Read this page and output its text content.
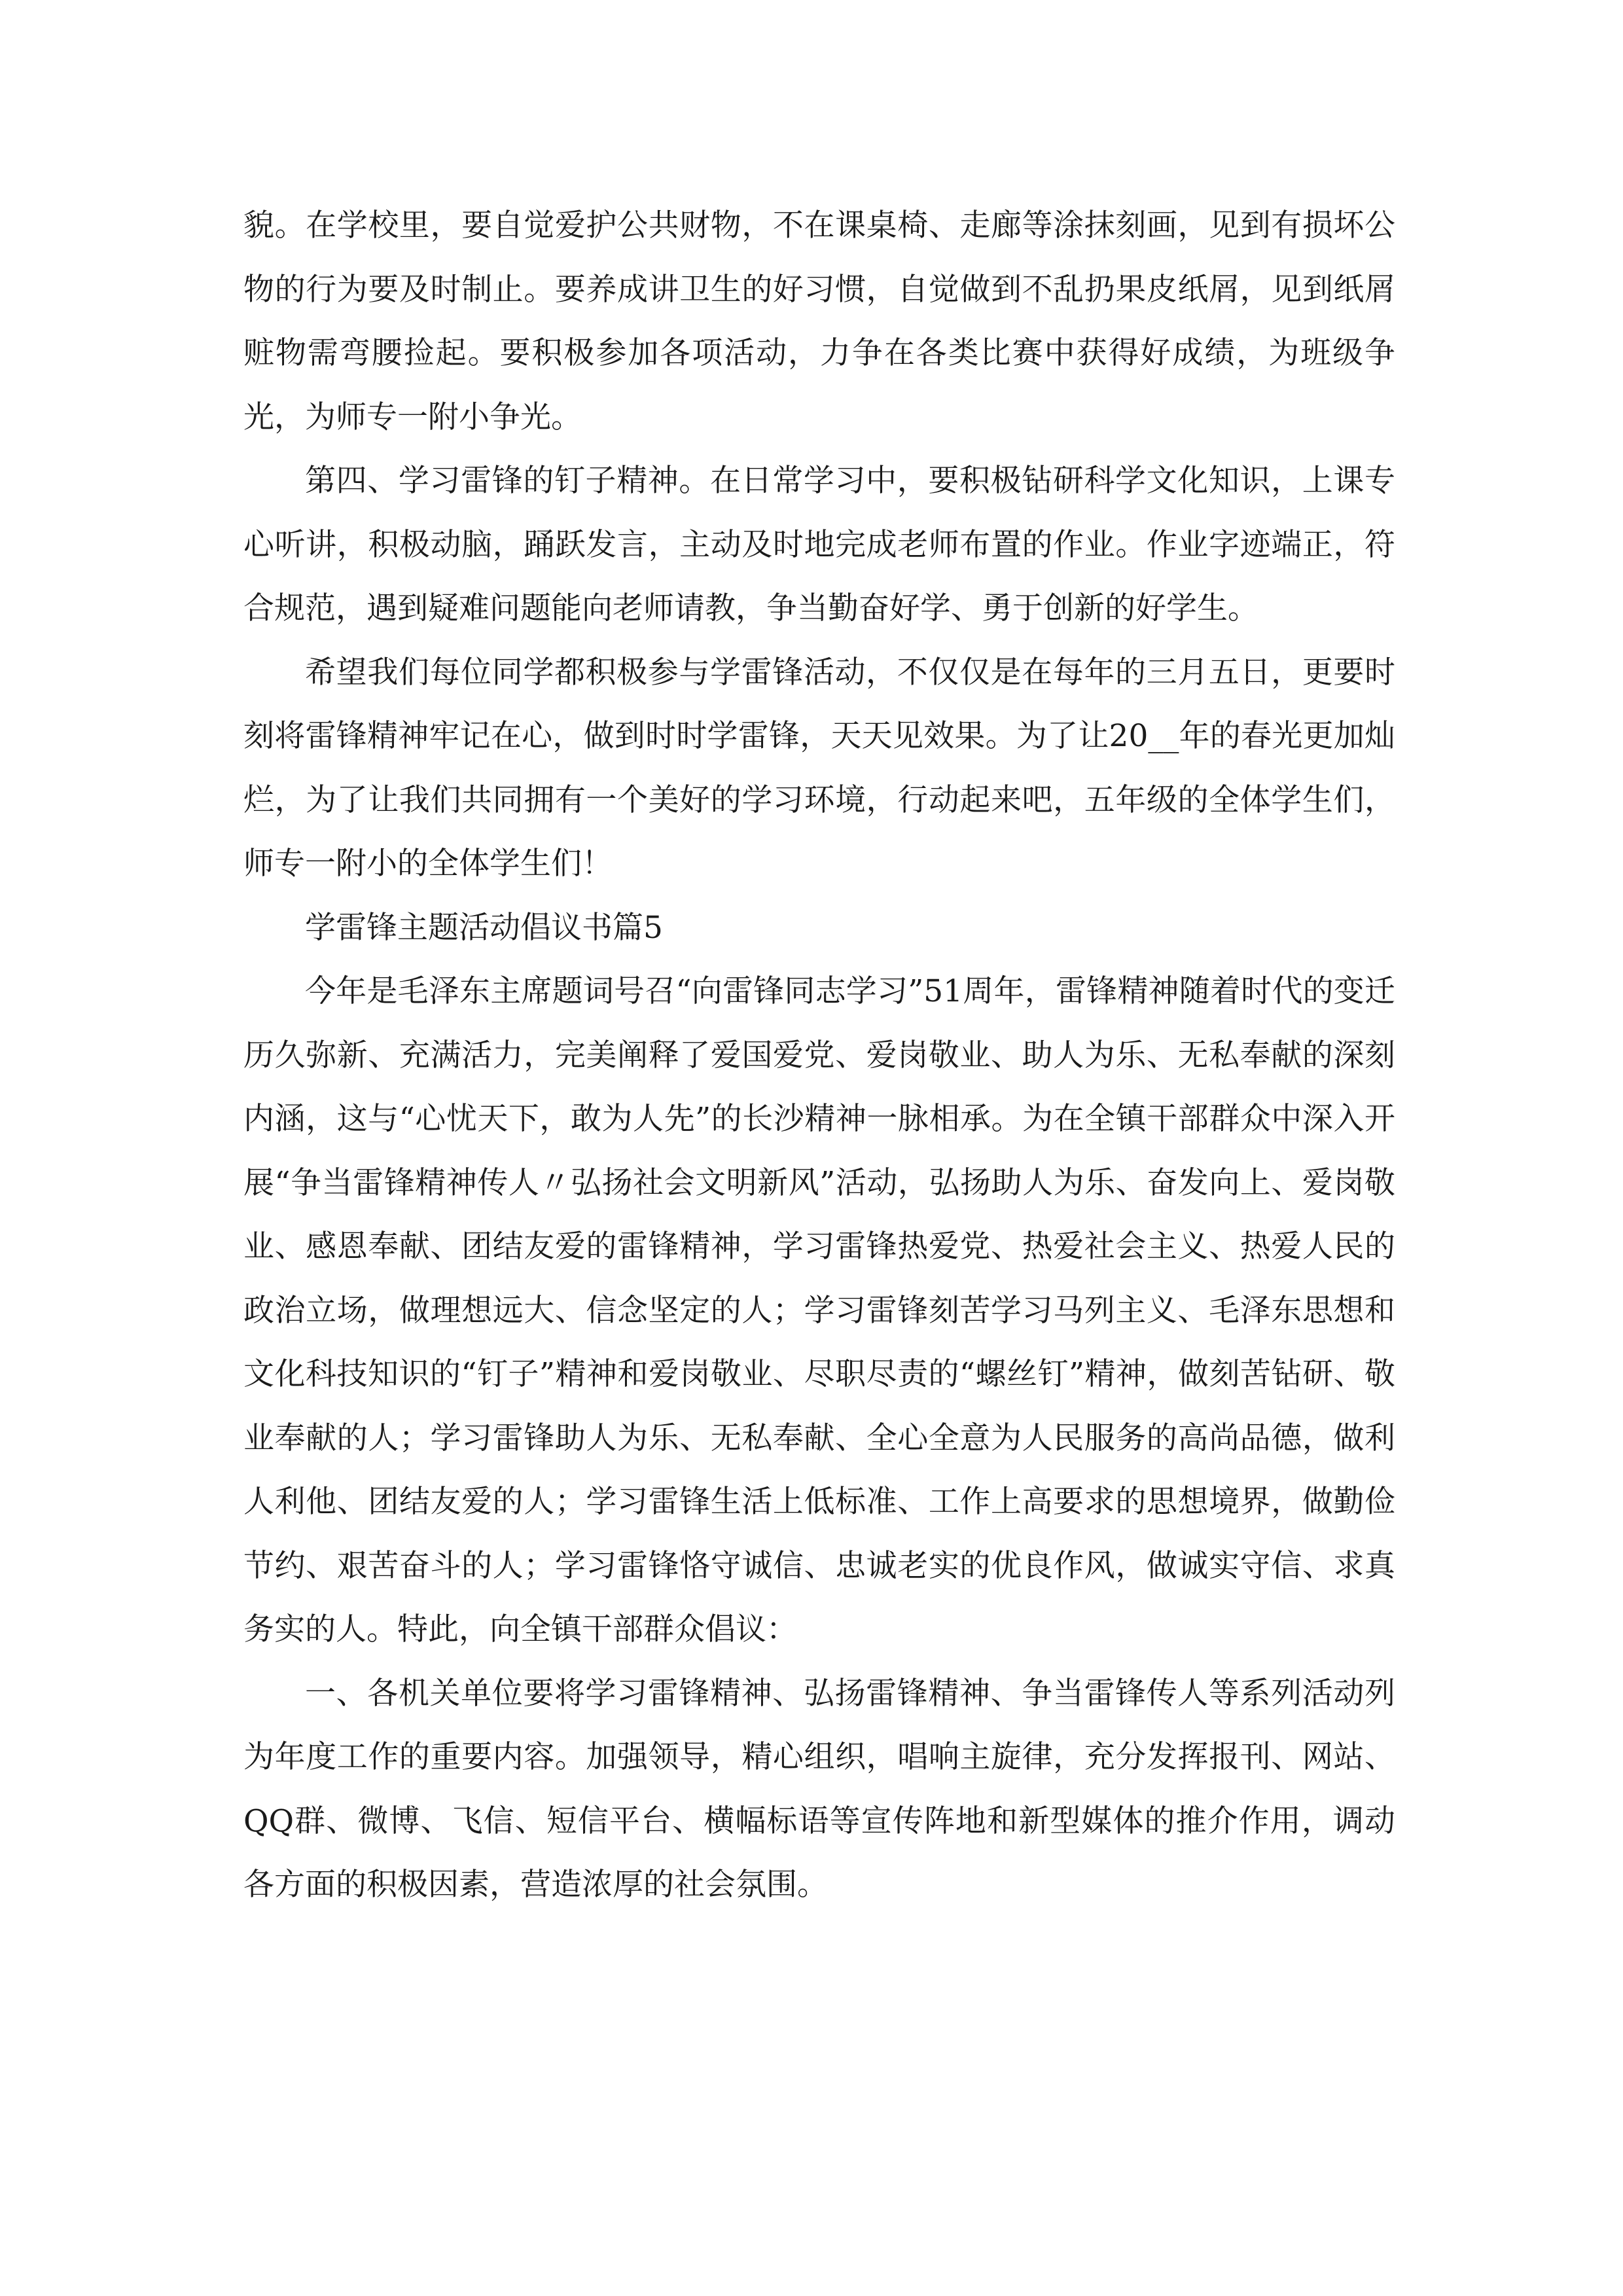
貌。在学校里，要自觉爱护公共财物，不在课桌椅、走廊等涂抹刻画，见到有损坏公物的行为要及时制止。要养成讲卫生的好习惯，自觉做到不乱扔果皮纸屑，见到纸屑赃物需弯腰捡起。要积极参加各项活动，力争在各类比赛中获得好成绩，为班级争光，为师专一附小争光。

第四、学习雷锋的钉子精神。在日常学习中，要积极钻研科学文化知识，上课专心听讲，积极动脑，踊跃发言，主动及时地完成老师布置的作业。作业字迹端正，符合规范，遇到疑难问题能向老师请教，争当勤奋好学、勇于创新的好学生。

希望我们每位同学都积极参与学雷锋活动，不仅仅是在每年的三月五日，更要时刻将雷锋精神牢记在心，做到时时学雷锋，天天见效果。为了让20__年的春光更加灿烂，为了让我们共同拥有一个美好的学习环境，行动起来吧，五年级的全体学生们，师专一附小的全体学生们！

学雷锋主题活动倡议书篇5

今年是毛泽东主席题词号召“向雷锋同志学习”51周年，雷锋精神随着时代的变迁历久弥新、充满活力，完美阐释了爱国爱党、爱岗敬业、助人为乐、无私奉献的深刻内涵，这与“心忧天下，敢为人先”的长沙精神一脉相承。为在全镇干部群众中深入开展“争当雷锋精神传人〃弘扬社会文明新风”活动，弘扬助人为乐、奋发向上、爱岗敬业、感恩奉献、团结友爱的雷锋精神，学习雷锋热爱党、热爱社会主义、热爱人民的政治立场，做理想远大、信念坚定的人；学习雷锋刻苦学习马列主义、毛泽东思想和文化科技知识的“钉子”精神和爱岗敬业、尽职尽责的“螺丝钉”精神，做刻苦钻研、敬业奉献的人；学习雷锋助人为乐、无私奉献、全心全意为人民服务的高尚品德，做利人利他、团结友爱的人；学习雷锋生活上低标准、工作上高要求的思想境界，做勤俭节约、艰苦奋斗的人；学习雷锋恪守诚信、忠诚老实的优良作风，做诚实守信、求真务实的人。特此，向全镇干部群众倡议：

一、各机关单位要将学习雷锋精神、弘扬雷锋精神、争当雷锋传人等系列活动列为年度工作的重要内容。加强领导，精心组织，唱响主旋律，充分发挥报刊、网站、QQ群、微博、飞信、短信平台、横幅标语等宣传阵地和新型媒体的推介作用，调动各方面的积极因素，营造浓厚的社会氛围。
